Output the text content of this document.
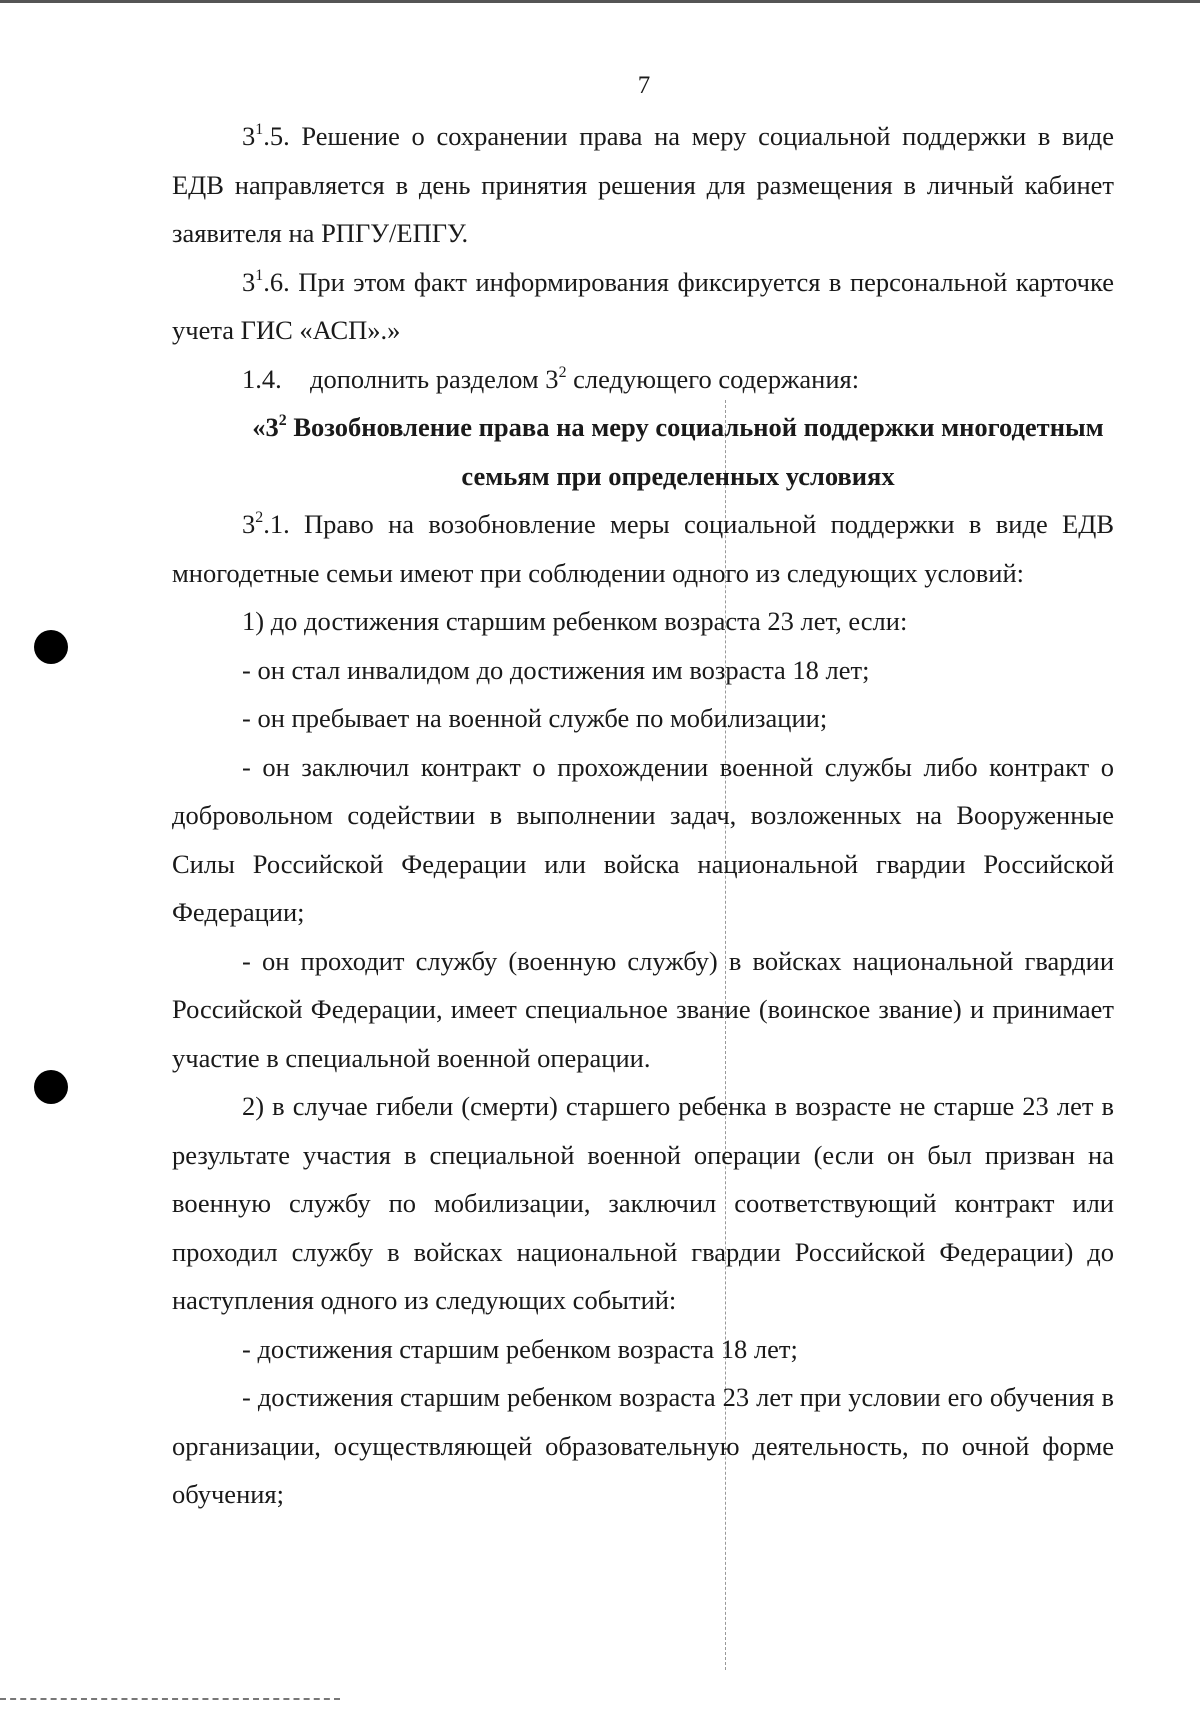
7

$3^1.5$. Решение о сохранении права на меру социальной поддержки в виде ЕДВ направляется в день принятия решения для размещения в личный кабинет заявителя на РПГУ/ЕПГУ.

$3^1.6$. При этом факт информирования фиксируется в персональной карточке учета ГИС «АСП».»

1.4. дополнить разделом $3^2$ следующего содержания:

«$3^2$ Возобновление права на меру социальной поддержки многодетным семьям при определенных условиях

$3^2.1$. Право на возобновление меры социальной поддержки в виде ЕДВ многодетные семьи имеют при соблюдении одного из следующих условий:

1) до достижения старшим ребенком возраста 23 лет, если:

- он стал инвалидом до достижения им возраста 18 лет;

- он пребывает на военной службе по мобилизации;

- он заключил контракт о прохождении военной службы либо контракт о добровольном содействии в выполнении задач, возложенных на Вооруженные Силы Российской Федерации или войска национальной гвардии Российской Федерации;

- он проходит службу (военную службу) в войсках национальной гвардии Российской Федерации, имеет специальное звание (воинское звание) и принимает участие в специальной военной операции.

2) в случае гибели (смерти) старшего ребенка в возрасте не старше 23 лет в результате участия в специальной военной операции (если он был призван на военную службу по мобилизации, заключил соответствующий контракт или проходил службу в войсках национальной гвардии Российской Федерации) до наступления одного из следующих событий:

- достижения старшим ребенком возраста 18 лет;

- достижения старшим ребенком возраста 23 лет при условии его обучения в организации, осуществляющей образовательную деятельность, по очной форме обучения;
